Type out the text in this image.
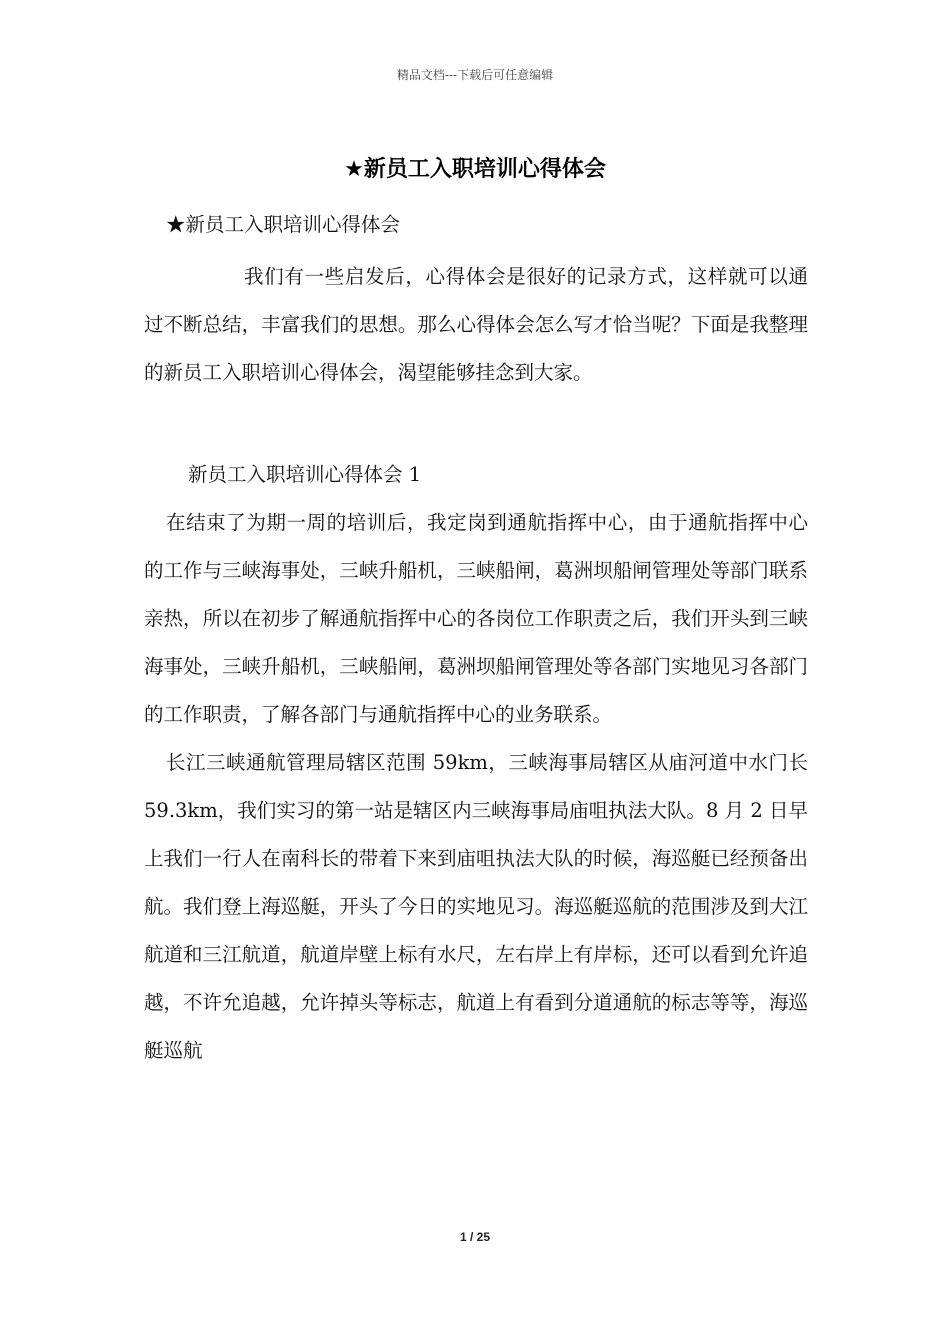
精品文档---下载后可任意编辑
★新员工入职培训心得体会

★新员工入职培训心得体会

我们有一些启发后，心得体会是很好的记录方式，这样就可以通过不断总结，丰富我们的思想。那么心得体会怎么写才恰当呢？下面是我整理的新员工入职培训心得体会，渴望能够挂念到大家。

新员工入职培训心得体会 1

在结束了为期一周的培训后，我定岗到通航指挥中心，由于通航指挥中心的工作与三峡海事处，三峡升船机，三峡船闸，葛洲坝船闸管理处等部门联系亲热，所以在初步了解通航指挥中心的各岗位工作职责之后，我们开头到三峡海事处，三峡升船机，三峡船闸，葛洲坝船闸管理处等各部门实地见习各部门的工作职责，了解各部门与通航指挥中心的业务联系。

长江三峡通航管理局辖区范围 59km，三峡海事局辖区从庙河道中水门长 59.3km，我们实习的第一站是辖区内三峡海事局庙咀执法大队。8 月 2 日早上我们一行人在南科长的带着下来到庙咀执法大队的时候，海巡艇已经预备出航。我们登上海巡艇，开头了今日的实地见习。海巡艇巡航的范围涉及到大江航道和三江航道，航道岸壁上标有水尺，左右岸上有岸标，还可以看到允许追越，不许允追越，允许掉头等标志，航道上有看到分道通航的标志等等，海巡艇巡航

1 / 25
